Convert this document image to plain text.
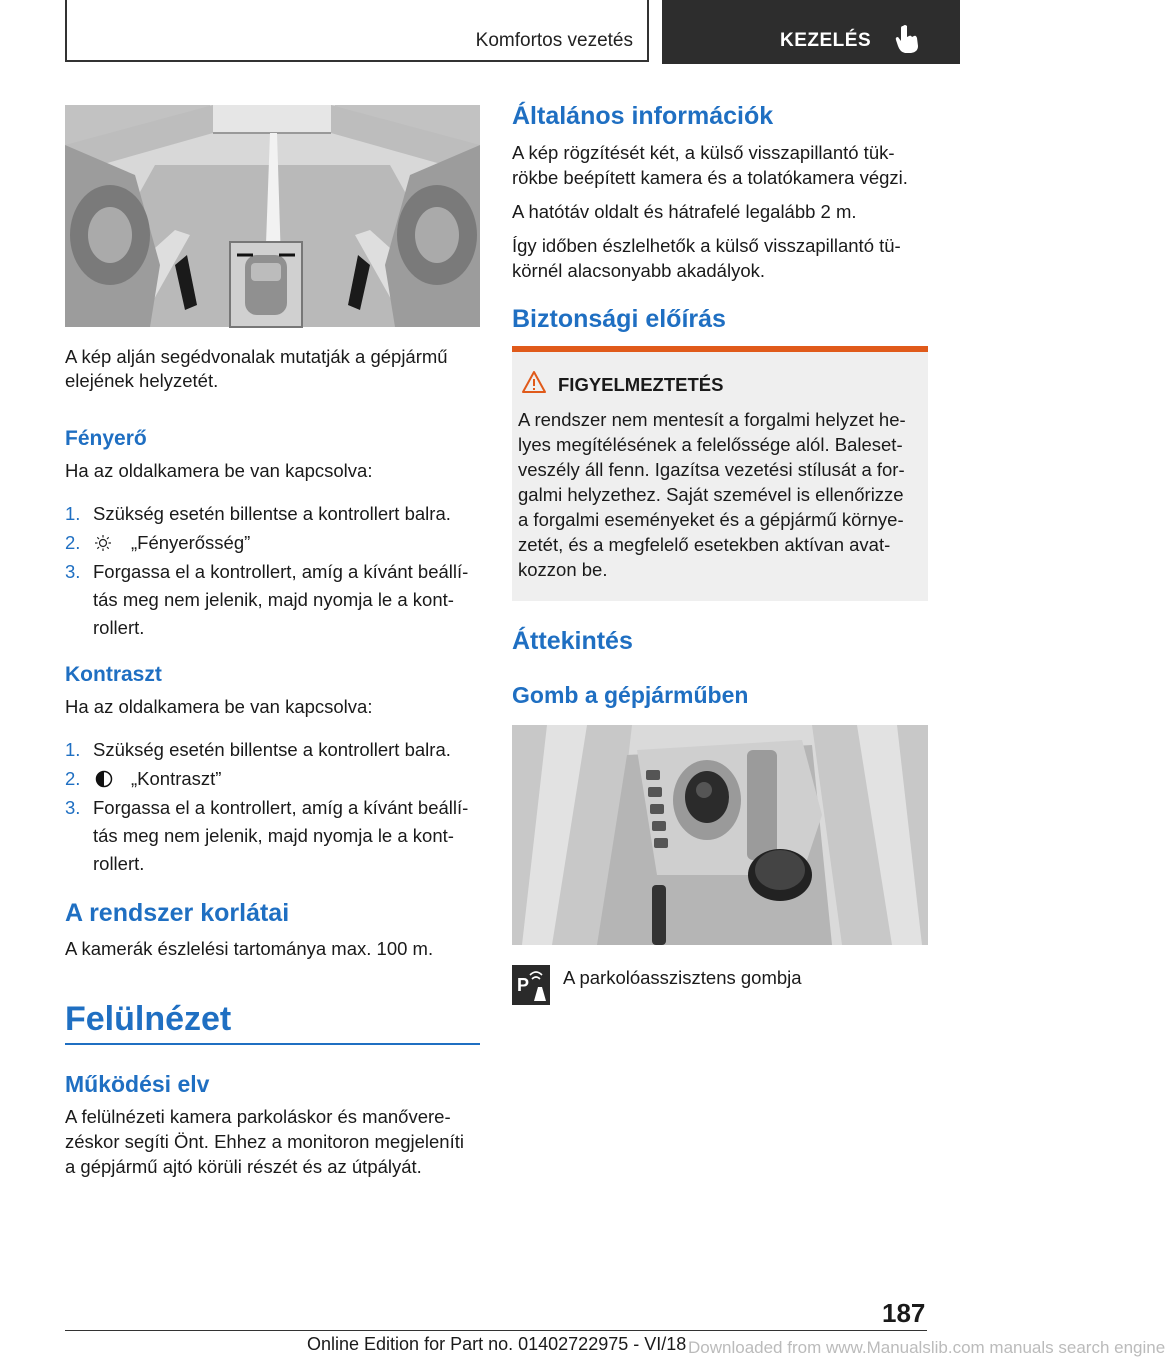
Komfortos vezetés	KEZELÉS

A kép alján segédvonalak mutatják a gépjármű

elejének helyzetét.

Fényerő

Ha az oldalkamera be van kapcsolva:

1. Szükség esetén billentse a kontrollert balra.
2.	„Fényerősség”
3. Forgassa el a kontrollert, amíg a kívánt beállí-
tás meg nem jelenik, majd nyomja le a kont-
rollert.
Kontraszt

Ha az oldalkamera be van kapcsolva:

1. Szükség esetén billentse a kontrollert balra.
2.	„Kontraszt”
3. Forgassa el a kontrollert, amíg a kívánt beállí-
tás meg nem jelenik, majd nyomja le a kont-
rollert.
A rendszer korlátai

A kamerák észlelési tartománya max. 100 m.

Felülnézet
Működési elv

A felülnézeti kamera parkoláskor és manővere-

zéskor segíti Önt. Ehhez a monitoron megjeleníti

a gépjármű ajtó körüli részét és az útpályát.

Általános információk

A kép rögzítését két, a külső visszapillantó tük-

rökbe beépített kamera és a tolatókamera végzi.

A hatótáv oldalt és hátrafelé legalább 2 m.

Így időben észlelhetők a külső visszapillantó tü-

körnél alacsonyabb akadályok.

Biztonsági előírás
FIGYELMEZTETÉS

A rendszer nem mentesít a forgalmi helyzet he-

lyes megítélésének a felelőssége alól. Baleset-

veszély áll fenn. Igazítsa vezetési stílusát a for-

galmi helyzethez. Saját szemével is ellenőrizze

a forgalmi eseményeket és a gépjármű környe-

zetét, és a megfelelő esetekben aktívan avat-

kozzon be.

Áttekintés
Gomb a gépjárműben
P A parkolóasszisztens gombja

187
Online Edition for Part no. 01402722975 - VI/18 Downloaded from www.Manualslib.com manuals search engine
